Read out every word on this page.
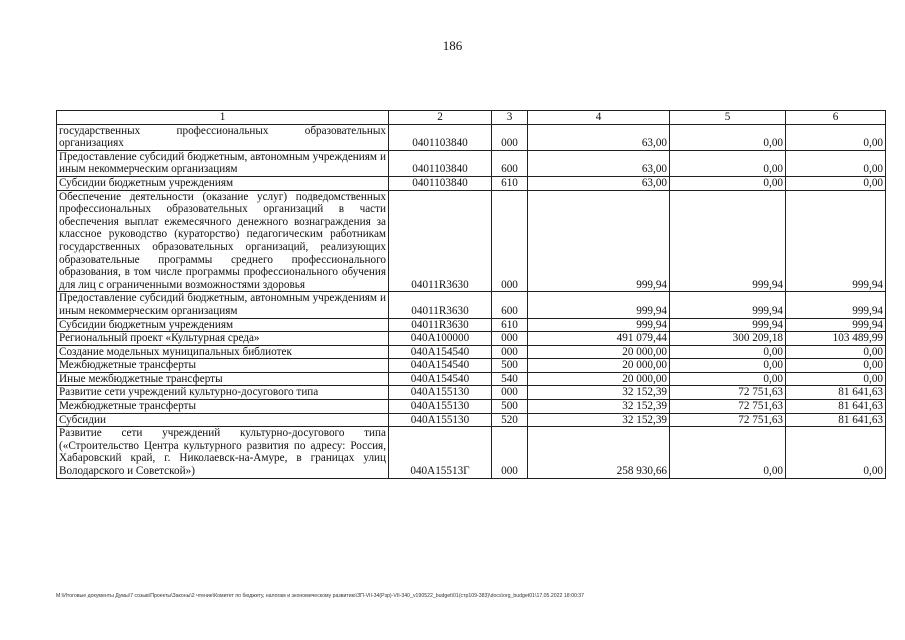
186
1	2	3	4	5	6
государственных профессиональных образовательных организациях	0401103840	000	63,00	0,00	0,00
Предоставление субсидий бюджетным, автономным учреждениям и иным некоммерческим организациям	0401103840	600	63,00	0,00	0,00
Субсидии бюджетным учреждениям	0401103840	610	63,00	0,00	0,00
Обеспечение деятельности (оказание услуг) подведомственных профессиональных образовательных организаций в части обеспечения выплат ежемесячного денежного вознаграждения за классное руководство (кураторство) педагогическим работникам государственных образовательных организаций, реализующих образовательные программы среднего профессионального образования, в том числе программы профессионального обучения для лиц с ограниченными возможностями здоровья	04011R3630	000	999,94	999,94	999,94
Предоставление субсидий бюджетным, автономным учреждениям и иным некоммерческим организациям	04011R3630	600	999,94	999,94	999,94
Субсидии бюджетным учреждениям	04011R3630	610	999,94	999,94	999,94
Региональный проект «Культурная среда»	040A100000	000	491 079,44	300 209,18	103 489,99
Создание модельных муниципальных библиотек	040A154540	000	20 000,00	0,00	0,00
Межбюджетные трансферты	040A154540	500	20 000,00	0,00	0,00
Иные межбюджетные трансферты	040A154540	540	20 000,00	0,00	0,00
Развитие сети учреждений культурно-досугового типа	040A155130	000	32 152,39	72 751,63	81 641,63
Межбюджетные трансферты	040A155130	500	32 152,39	72 751,63	81 641,63
Субсидии	040A155130	520	32 152,39	72 751,63	81 641,63
Развитие сети учреждений культурно-досугового типа («Строительство Центра культурного развития по адресу: Россия, Хабаровский край, г. Николаевск-на-Амуре, в границах улиц Володарского и Советской»)	040A15513Г	000	258 930,66	0,00	0,00
M:\Итоговые документы Думы\7 созыв\Проекты\Законы\2 чтение\Комитет по бюджету, налогам и экономическому развитию\ЗП-VII-34(Рзр)-VII-340_v190522_budget\01(стр109-383)\docs\org_budget01\17.05.2022 18:00:37
